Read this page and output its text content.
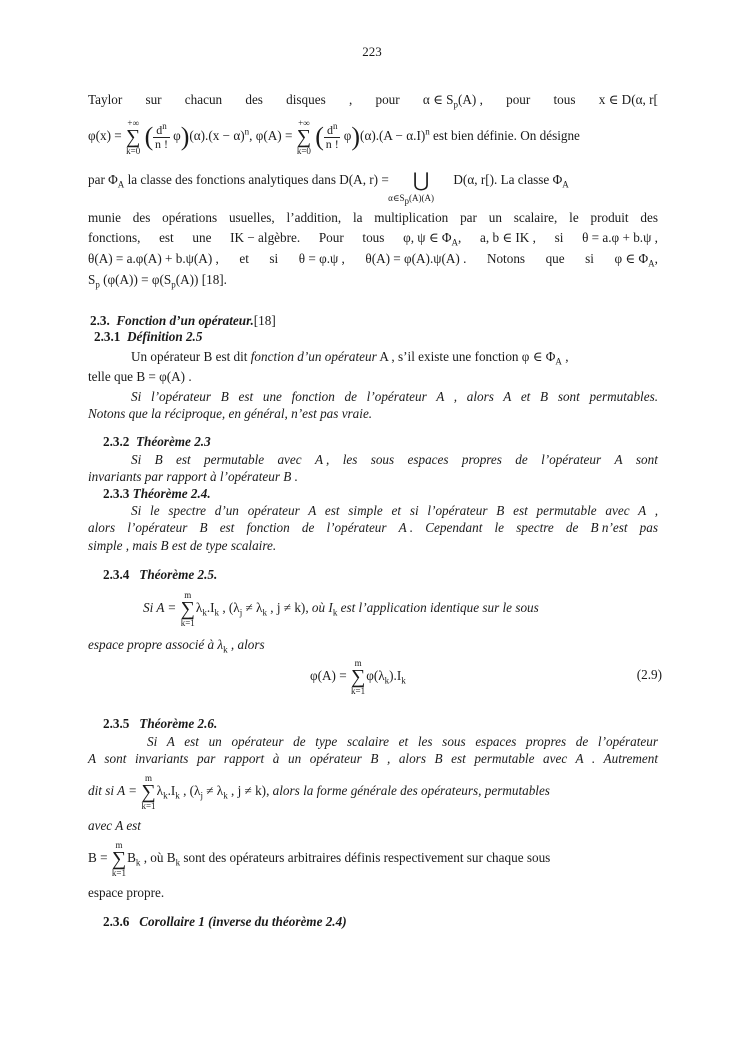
223
Taylor sur chacun des disques , pour α ∈ $S_p(A)$ , pour tous x ∈ D(α, r[
φ(x) =
+∞
∑
k=0 ( $\frac{d^n}{n !} \varphi)(\alpha).(x - \alpha)^n$, φ(A) =
+∞
∑
k=0 ( $\frac{d^n}{n !} \varphi)(\alpha).(A - \alpha.I)^n$ est bien définie. On désigne
par $\Phi_A$ la classe des fonctions analytiques dans D(A, r) = ⋃
$\alpha\in S_p(A)(A)$
D(α, r[). La classe $\Phi_A$
munie des opérations usuelles, l’addition, la multiplication par un scalaire, le produit des
fonctions, est une IK − algèbre. Pour tous φ, ψ ∈ $\Phi_A$, a, b ∈ IK , si θ = a.φ + b.ψ ,
θ(A) = a.φ(A) + b.ψ(A) , et si θ = φ.ψ , θ(A) = φ(A).ψ(A) . Notons que si φ ∈ $\Phi_A$,
$S_p$ $(\varphi(A)) = \varphi(S_p(A))$ [18].
2.3. Fonction d’un opérateur.[18]
2.3.1 Définition 2.5
Un opérateur B est dit fonction d’un opérateur A , s’il existe une fonction φ ∈ $\Phi_A$ ,
telle que B = φ(A) .
Si l’opérateur B est une fonction de l’opérateur A , alors A et B sont permutables.
Notons que la réciproque, en général, n’est pas vraie.
2.3.2 Théorème 2.3
Si B est permutable avec A , les sous espaces propres de l’opérateur A sont
invariants par rapport à l’opérateur B .
2.3.3 Théorème 2.4.
Si le spectre d’un opérateur A est simple et si l’opérateur B est permutable avec A ,
alors l’opérateur B est fonction de l’opérateur A . Cependant le spectre de B n’est pas
simple , mais B est de type scalaire.
2.3.4 Théorème 2.5.
Si A =
m
∑
k=1
$\lambda_k.I_k$ , ($\lambda_j \ne \lambda_k$ , j ≠ k), où $I_k$ est l’application identique sur le sous
espace propre associé à $\lambda_k$ , alors
φ(A) =
m
∑
k=1
$\varphi(\lambda_k).I_k$	(2.9)
2.3.5 Théorème 2.6.
Si A est un opérateur de type scalaire et les sous espaces propres de l’opérateur
A sont invariants par rapport à un opérateur B , alors B est permutable avec A . Autrement
dit si A =
m
∑
k=1
$\lambda_k.I_k$ , ($\lambda_j \ne \lambda_k$ , j ≠ k), alors la forme générale des opérateurs, permutables
avec A est
B =
m
∑
k=1
$B_k$ , où $B_k$ sont des opérateurs arbitraires définis respectivement sur chaque sous
espace propre.
2.3.6 Corollaire 1 (inverse du théorème 2.4)
